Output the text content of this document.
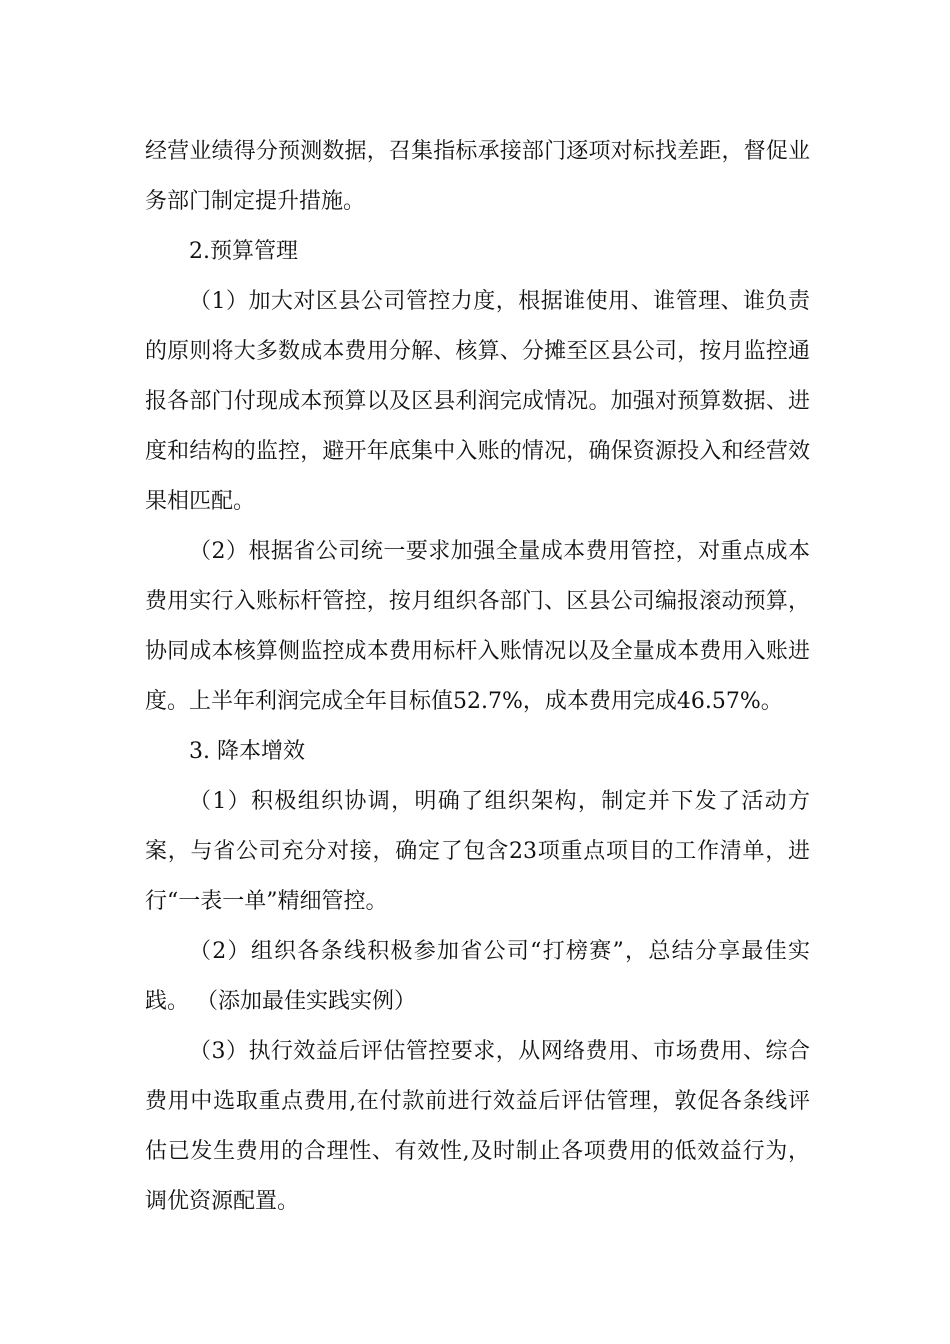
经营业绩得分预测数据，召集指标承接部门逐项对标找差距，督促业务部门制定提升措施。

2.预算管理

（1）加大对区县公司管控力度，根据谁使用、谁管理、谁负责的原则将大多数成本费用分解、核算、分摊至区县公司，按月监控通报各部门付现成本预算以及区县利润完成情况。加强对预算数据、进度和结构的监控，避开年底集中入账的情况，确保资源投入和经营效果相匹配。

（2）根据省公司统一要求加强全量成本费用管控，对重点成本费用实行入账标杆管控，按月组织各部门、区县公司编报滚动预算，协同成本核算侧监控成本费用标杆入账情况以及全量成本费用入账进度。上半年利润完成全年目标值52.7%，成本费用完成46.57%。

3. 降本增效

（1）积极组织协调，明确了组织架构，制定并下发了活动方案，与省公司充分对接，确定了包含23项重点项目的工作清单，进行“一表一单”精细管控。

（2）组织各条线积极参加省公司“打榜赛”，总结分享最佳实践。 （添加最佳实践实例）

（3）执行效益后评估管控要求，从网络费用、市场费用、综合费用中选取重点费用,在付款前进行效益后评估管理，敦促各条线评估已发生费用的合理性、有效性,及时制止各项费用的低效益行为，调优资源配置。
